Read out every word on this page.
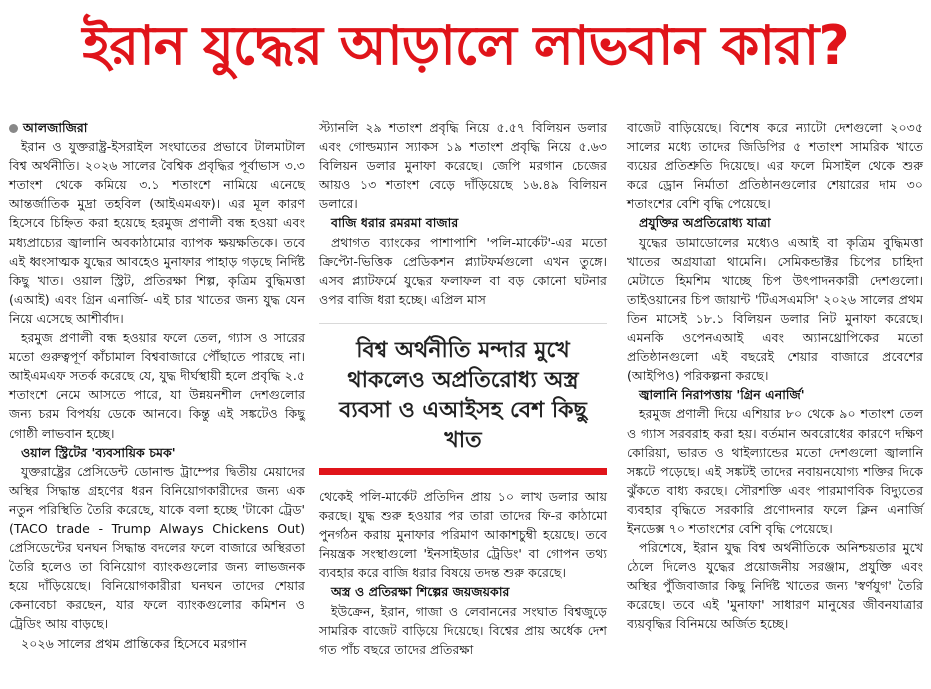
ইরান যুদ্ধের আড়ালে লাভবান কারা?

আলজাজিরা

ইরান ও যুক্তরাষ্ট্র-ইসরাইল সংঘাতের প্রভাবে টালমাটাল বিশ্ব অর্থনীতি। ২০২৬ সালের বৈশ্বিক প্রবৃদ্ধির পূর্বাভাস ৩.৩ শতাংশ থেকে কমিয়ে ৩.১ শতাংশে নামিয়ে এনেছে আন্তর্জাতিক মুদ্রা তহবিল (আইএমএফ)। এর মূল কারণ হিসেবে চিহ্নিত করা হয়েছে হরমুজ প্রণালী বন্ধ হওয়া এবং মধ্যপ্রাচ্যের জ্বালানি অবকাঠামোর ব্যাপক ক্ষয়ক্ষতিকে। তবে এই ধ্বংসাত্মক যুদ্ধের আবহেও মুনাফার পাহাড় গড়ছে নির্দিষ্ট কিছু খাত। ওয়াল স্ট্রিট, প্রতিরক্ষা শিল্প, কৃত্রিম বুদ্ধিমত্তা (এআই) এবং গ্রিন এনার্জি- এই চার খাতের জন্য যুদ্ধ যেন নিয়ে এসেছে আশীর্বাদ।

হরমুজ প্রণালী বন্ধ হওয়ার ফলে তেল, গ্যাস ও সারের মতো গুরুত্বপূর্ণ কাঁচামাল বিশ্ববাজারে পৌঁছাতে পারছে না। আইএমএফ সতর্ক করেছে যে, যুদ্ধ দীর্ঘস্থায়ী হলে প্রবৃদ্ধি ২.৫ শতাংশে নেমে আসতে পারে, যা উন্নয়নশীল দেশগুলোর জন্য চরম বিপর্যয় ডেকে আনবে। কিন্তু এই সঙ্কটেও কিছু গোষ্ঠী লাভবান হচ্ছে।

ওয়াল স্ট্রিটের 'ব্যবসায়িক চমক'

যুক্তরাষ্ট্রের প্রেসিডেন্ট ডোনাল্ড ট্রাম্পের দ্বিতীয় মেয়াদের অস্থির সিদ্ধান্ত গ্রহণের ধরন বিনিয়োগকারীদের জন্য এক নতুন পরিস্থিতি তৈরি করেছে, যাকে বলা হচ্ছে 'টাকো ট্রেড' (TACO trade - Trump Always Chickens Out) প্রেসিডেন্টের ঘনঘন সিদ্ধান্ত বদলের ফলে বাজারে অস্থিরতা তৈরি হলেও তা বিনিয়োগ ব্যাংকগুলোর জন্য লাভজনক হয়ে দাঁড়িয়েছে। বিনিয়োগকারীরা ঘনঘন তাদের শেয়ার কেনাবেচা করছেন, যার ফলে ব্যাংকগুলোর কমিশন ও ট্রেডিং আয় বাড়ছে।

২০২৬ সালের প্রথম প্রান্তিকের হিসেবে মরগান

স্ট্যানলি ২৯ শতাংশ প্রবৃদ্ধি নিয়ে ৫.৫৭ বিলিয়ন ডলার এবং গোল্ডম্যান স্যাকস ১৯ শতাংশ প্রবৃদ্ধি নিয়ে ৫.৬৩ বিলিয়ন ডলার মুনাফা করেছে। জেপি মরগান চেজের আয়ও ১৩ শতাংশ বেড়ে দাঁড়িয়েছে ১৬.৪৯ বিলিয়ন ডলারে।

বাজি ধরার রমরমা বাজার

প্রথাগত ব্যাংকের পাশাপাশি 'পলি-মার্কেট'-এর মতো ক্রিপ্টো-ভিত্তিক প্রেডিকশন প্ল্যাটফর্মগুলো এখন তুঙ্গে। এসব প্ল্যাটফর্মে যুদ্ধের ফলাফল বা বড় কোনো ঘটনার ওপর বাজি ধরা হচ্ছে। এপ্রিল মাস

বিশ্ব অর্থনীতি মন্দার মুখে থাকলেও অপ্রতিরোধ্য অস্ত্র ব্যবসা ও এআইসহ বেশ কিছু খাত

থেকেই পলি-মার্কেট প্রতিদিন প্রায় ১০ লাখ ডলার আয় করছে। যুদ্ধ শুরু হওয়ার পর তারা তাদের ফি-র কাঠামো পুনর্গঠন করায় মুনাফার পরিমাণ আকাশচুম্বী হয়েছে। তবে নিয়ন্ত্রক সংস্থাগুলো 'ইনসাইডার ট্রেডিং' বা গোপন তথ্য ব্যবহার করে বাজি ধরার বিষয়ে তদন্ত শুরু করেছে।

অস্ত্র ও প্রতিরক্ষা শিল্পের জয়জয়কার

ইউক্রেন, ইরান, গাজা ও লেবাননের সংঘাত বিশ্বজুড়ে সামরিক বাজেট বাড়িয়ে দিয়েছে। বিশ্বের প্রায় অর্ধেক দেশ গত পাঁচ বছরে তাদের প্রতিরক্ষা

বাজেট বাড়িয়েছে। বিশেষ করে ন্যাটো দেশগুলো ২০৩৫ সালের মধ্যে তাদের জিডিপির ৫ শতাংশ সামরিক খাতে ব্যয়ের প্রতিশ্রুতি দিয়েছে। এর ফলে মিসাইল থেকে শুরু করে ড্রোন নির্মাতা প্রতিষ্ঠানগুলোর শেয়ারের দাম ৩০ শতাংশের বেশি বৃদ্ধি পেয়েছে।

প্রযুক্তির অপ্রতিরোধ্য যাত্রা

যুদ্ধের ডামাডোলের মধ্যেও এআই বা কৃত্রিম বুদ্ধিমত্তা খাতের অগ্রযাত্রা থামেনি। সেমিকন্ডাক্টর চিপের চাহিদা মেটাতে হিমশিম খাচ্ছে চিপ উৎপাদনকারী দেশগুলো। তাইওয়ানের চিপ জায়ান্ট 'টিএসএমসি' ২০২৬ সালের প্রথম তিন মাসেই ১৮.১ বিলিয়ন ডলার নিট মুনাফা করেছে। এমনকি ওপেনএআই এবং অ্যানথ্রোপিকের মতো প্রতিষ্ঠানগুলো এই বছরেই শেয়ার বাজারে প্রবেশের (আইপিও) পরিকল্পনা করছে।

জ্বালানি নিরাপত্তায় 'গ্রিন এনার্জি'

হরমুজ প্রণালী দিয়ে এশিয়ার ৮০ থেকে ৯০ শতাংশ তেল ও গ্যাস সরবরাহ করা হয়। বর্তমান অবরোধের কারণে দক্ষিণ কোরিয়া, ভারত ও থাইল্যান্ডের মতো দেশগুলো জ্বালানি সঙ্কটে পড়েছে। এই সঙ্কটই তাদের নবায়নযোগ্য শক্তির দিকে ঝুঁকতে বাধ্য করছে। সৌরশক্তি এবং পারমাণবিক বিদ্যুতের ব্যবহার বৃদ্ধিতে সরকারি প্রণোদনার ফলে ক্লিন এনার্জি ইনডেক্স ৭০ শতাংশের বেশি বৃদ্ধি পেয়েছে।

পরিশেষে, ইরান যুদ্ধ বিশ্ব অর্থনীতিকে অনিশ্চয়তার মুখে ঠেলে দিলেও যুদ্ধের প্রয়োজনীয় সরঞ্জাম, প্রযুক্তি এবং অস্থির পুঁজিবাজার কিছু নির্দিষ্ট খাতের জন্য 'স্বর্ণযুগ' তৈরি করেছে। তবে এই 'মুনাফা' সাধারণ মানুষের জীবনযাত্রার ব্যয়বৃদ্ধির বিনিময়ে অর্জিত হচ্ছে।
